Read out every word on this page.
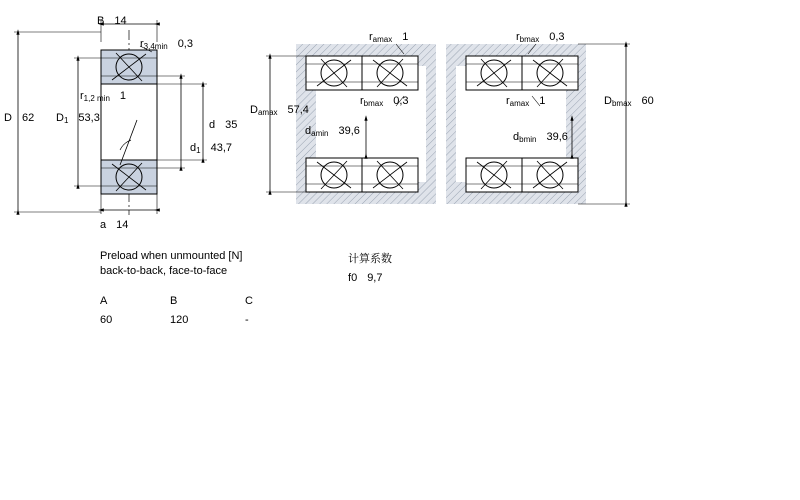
B 14
$r_{3,4min}$ 0,3
D 62
$r_{1,2 min}$ 1
$D_1$ 53,3
d 35
$d_1$ 43,7
a 14
$r_{amax}$ 1	$r_{bmax}$ 0,3
$D_{amax}$ 57,4
$r_{bmax}$ 0,3	$r_{amax}$ 1	$D_{bmax}$ 60
$d_{amin}$ 39,6	$d_{bmin}$ 39,6
Preload when unmounted [N]
back-to-back, face-to-face
A	B	C
60	120	-
计算系数
f0 9,7
